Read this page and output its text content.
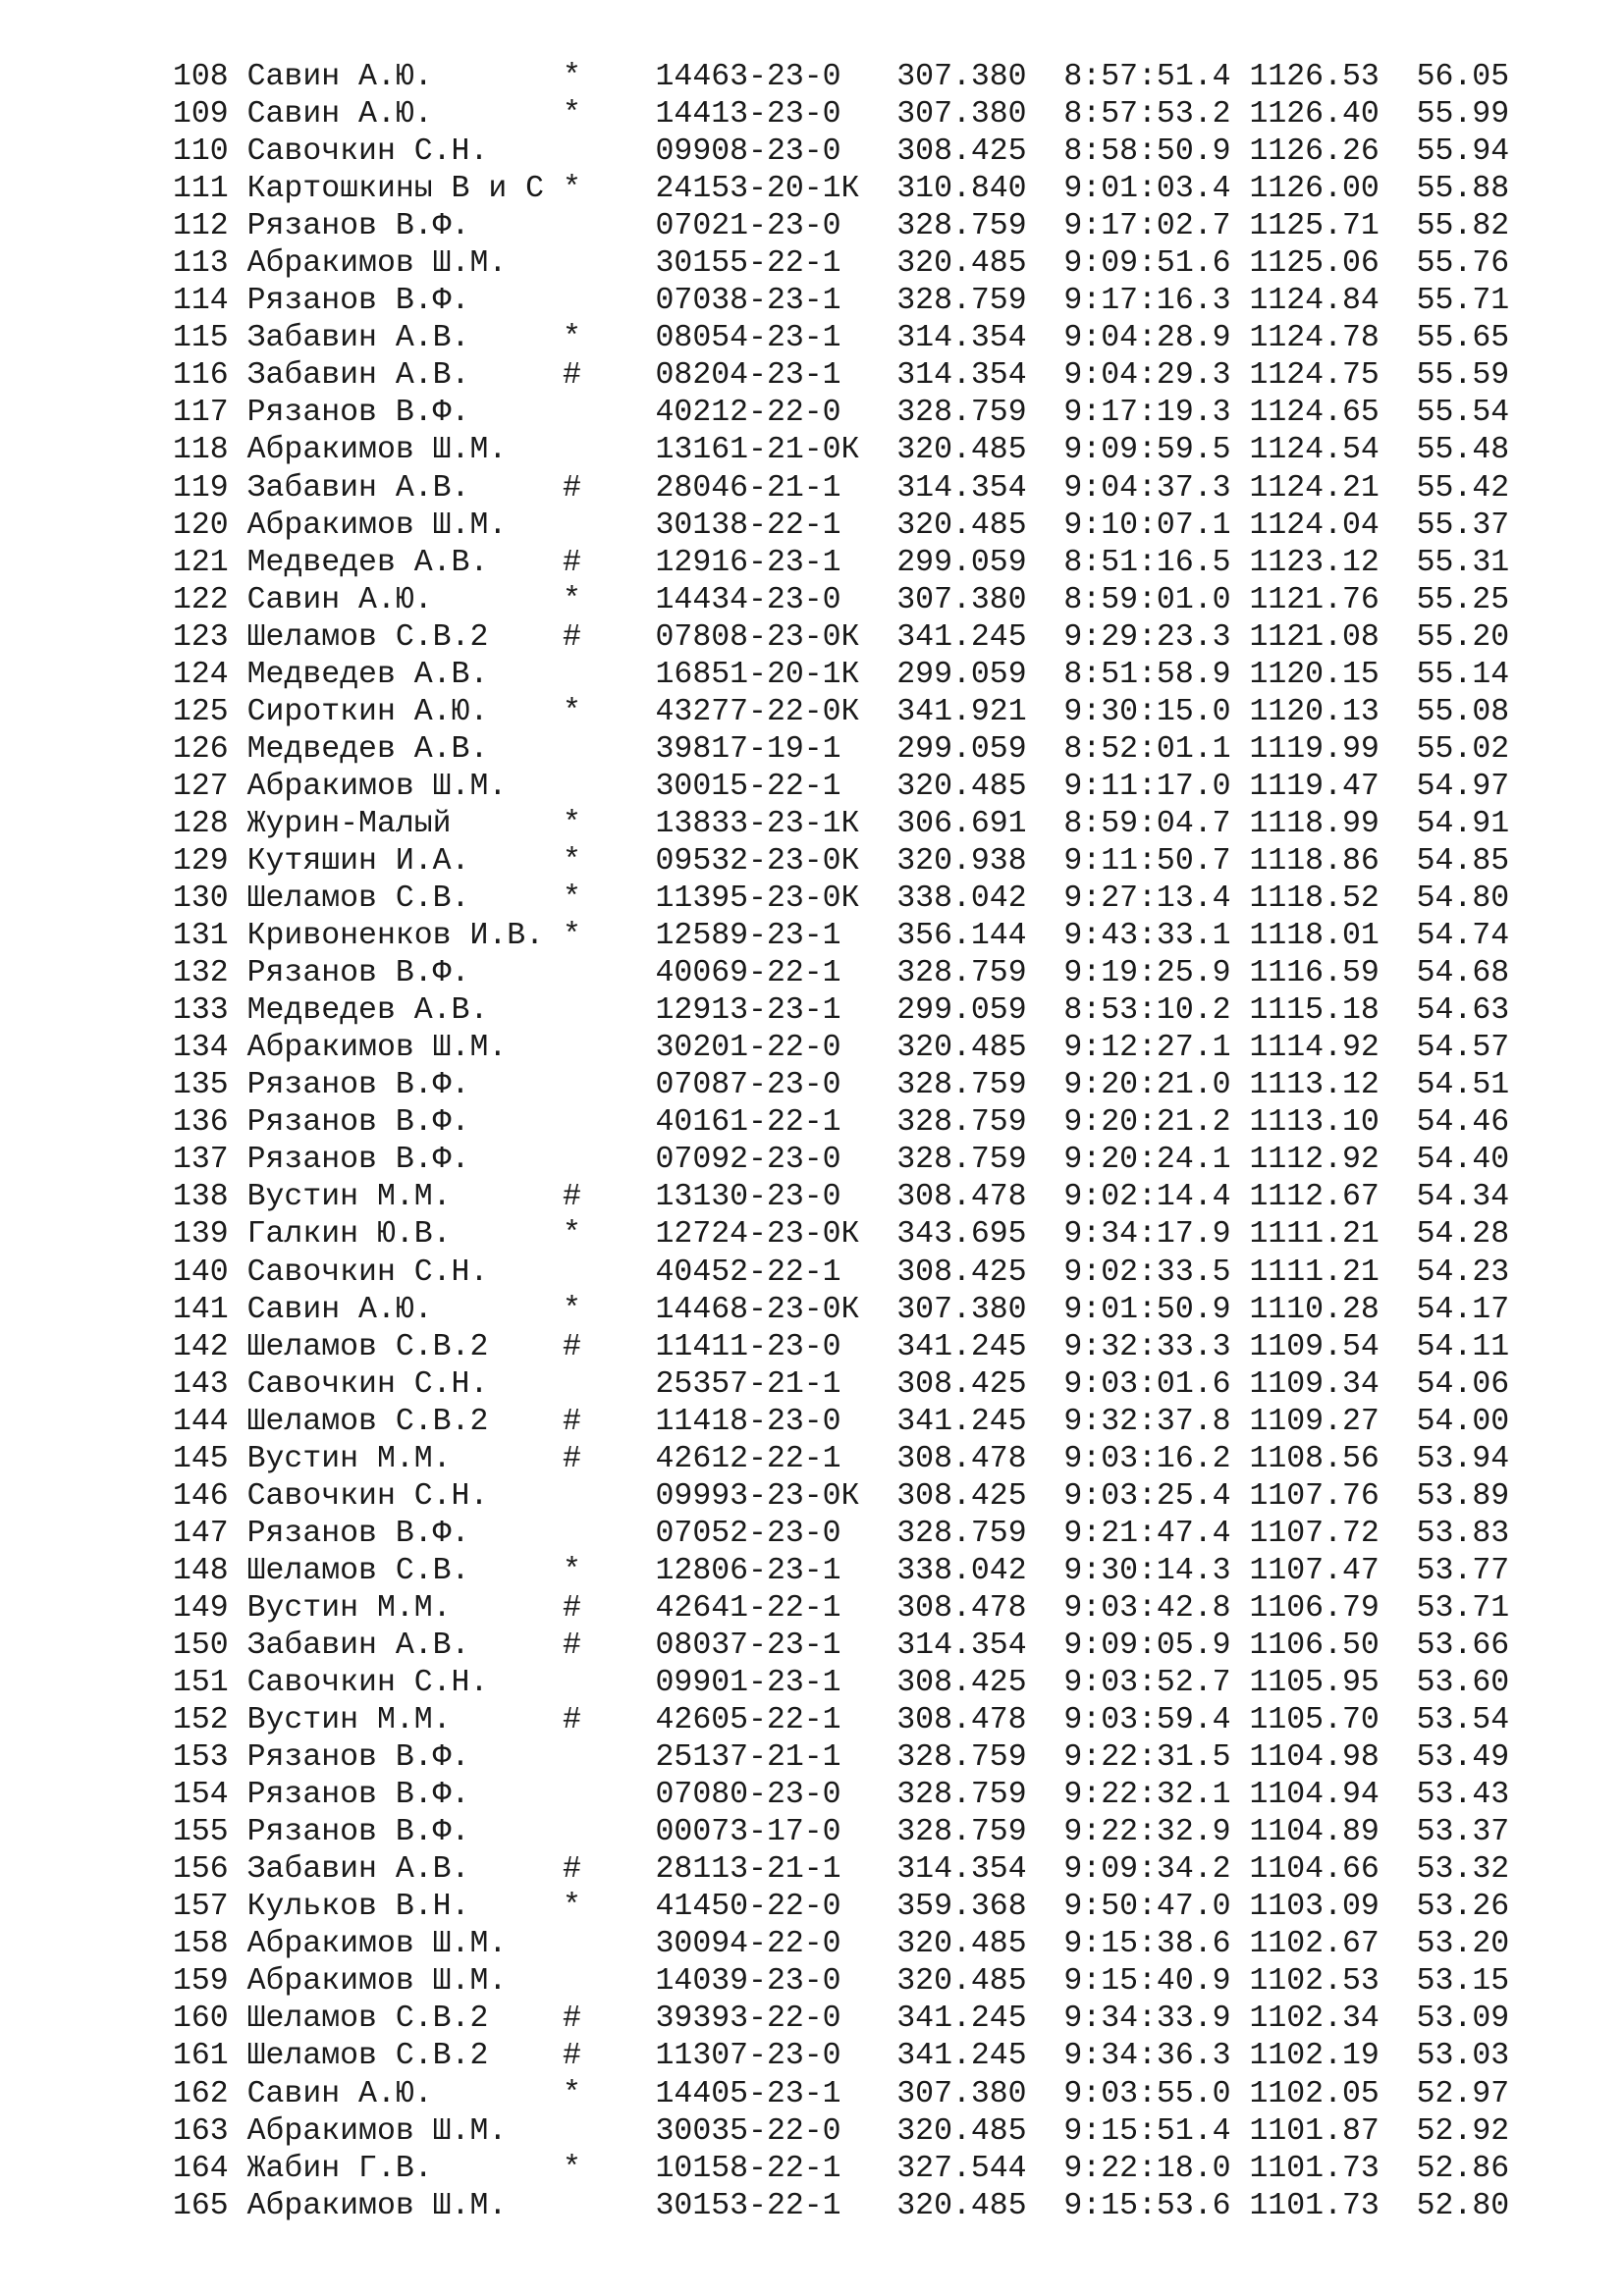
108 Савин А.Ю.	* 14463-23-0 307.380 8:57:51.4 1126.53 56.05
109 Савин А.Ю.	* 14413-23-0 307.380 8:57:53.2 1126.40 55.99
110 Савочкин С.Н.	09908-23-0 308.425 8:58:50.9 1126.26 55.94
111 Картошкины В и С * 24153-20-1К 310.840 9:01:03.4 1126.00 55.88
112 Рязанов В.Ф.	07021-23-0 328.759 9:17:02.7 1125.71 55.82
113 Абракимов Ш.М.	30155-22-1 320.485 9:09:51.6 1125.06 55.76
114 Рязанов В.Ф.	07038-23-1 328.759 9:17:16.3 1124.84 55.71
115 Забавин А.В.	* 08054-23-1 314.354 9:04:28.9 1124.78 55.65
116 Забавин А.В.	# 08204-23-1 314.354 9:04:29.3 1124.75 55.59
117 Рязанов В.Ф.	40212-22-0 328.759 9:17:19.3 1124.65 55.54
118 Абракимов Ш.М.	13161-21-0К 320.485 9:09:59.5 1124.54 55.48
119 Забавин А.В.	# 28046-21-1 314.354 9:04:37.3 1124.21 55.42
120 Абракимов Ш.М.	30138-22-1 320.485 9:10:07.1 1124.04 55.37
121 Медведев А.В. # 12916-23-1 299.059 8:51:16.5 1123.12 55.31
122 Савин А.Ю.	* 14434-23-0 307.380 8:59:01.0 1121.76 55.25
123 Шеламов С.В.2 # 07808-23-0К 341.245 9:29:23.3 1121.08 55.20
124 Медведев А.В.	16851-20-1К 299.059 8:51:58.9 1120.15 55.14
125 Сироткин А.Ю. * 43277-22-0К 341.921 9:30:15.0 1120.13 55.08
126 Медведев А.В.	39817-19-1 299.059 8:52:01.1 1119.99 55.02
127 Абракимов Ш.М.	30015-22-1 320.485 9:11:17.0 1119.47 54.97
128 Журин-Малый	* 13833-23-1К 306.691 8:59:04.7 1118.99 54.91
129 Кутяшин И.А.	* 09532-23-0К 320.938 9:11:50.7 1118.86 54.85
130 Шеламов С.В.	* 11395-23-0К 338.042 9:27:13.4 1118.52 54.80
131 Кривоненков И.В. * 12589-23-1 356.144 9:43:33.1 1118.01 54.74
132 Рязанов В.Ф.	40069-22-1 328.759 9:19:25.9 1116.59 54.68
133 Медведев А.В.	12913-23-1 299.059 8:53:10.2 1115.18 54.63
134 Абракимов Ш.М.	30201-22-0 320.485 9:12:27.1 1114.92 54.57
135 Рязанов В.Ф.	07087-23-0 328.759 9:20:21.0 1113.12 54.51
136 Рязанов В.Ф.	40161-22-1 328.759 9:20:21.2 1113.10 54.46
137 Рязанов В.Ф.	07092-23-0 328.759 9:20:24.1 1112.92 54.40
138 Вустин М.М.	# 13130-23-0 308.478 9:02:14.4 1112.67 54.34
139 Галкин Ю.В.	* 12724-23-0К 343.695 9:34:17.9 1111.21 54.28
140 Савочкин С.Н.	40452-22-1 308.425 9:02:33.5 1111.21 54.23
141 Савин А.Ю.	* 14468-23-0К 307.380 9:01:50.9 1110.28 54.17
142 Шеламов С.В.2 # 11411-23-0 341.245 9:32:33.3 1109.54 54.11
143 Савочкин С.Н.	25357-21-1 308.425 9:03:01.6 1109.34 54.06
144 Шеламов С.В.2 # 11418-23-0 341.245 9:32:37.8 1109.27 54.00
145 Вустин М.М.	# 42612-22-1 308.478 9:03:16.2 1108.56 53.94
146 Савочкин С.Н.	09993-23-0К 308.425 9:03:25.4 1107.76 53.89
147 Рязанов В.Ф.	07052-23-0 328.759 9:21:47.4 1107.72 53.83
148 Шеламов С.В.	* 12806-23-1 338.042 9:30:14.3 1107.47 53.77
149 Вустин М.М.	# 42641-22-1 308.478 9:03:42.8 1106.79 53.71
150 Забавин А.В.	# 08037-23-1 314.354 9:09:05.9 1106.50 53.66
151 Савочкин С.Н.	09901-23-1 308.425 9:03:52.7 1105.95 53.60
152 Вустин М.М.	# 42605-22-1 308.478 9:03:59.4 1105.70 53.54
153 Рязанов В.Ф.	25137-21-1 328.759 9:22:31.5 1104.98 53.49
154 Рязанов В.Ф.	07080-23-0 328.759 9:22:32.1 1104.94 53.43
155 Рязанов В.Ф.	00073-17-0 328.759 9:22:32.9 1104.89 53.37
156 Забавин А.В.	# 28113-21-1 314.354 9:09:34.2 1104.66 53.32
157 Кульков В.Н.	* 41450-22-0 359.368 9:50:47.0 1103.09 53.26
158 Абракимов Ш.М.	30094-22-0 320.485 9:15:38.6 1102.67 53.20
159 Абракимов Ш.М.	14039-23-0 320.485 9:15:40.9 1102.53 53.15
160 Шеламов С.В.2 # 39393-22-0 341.245 9:34:33.9 1102.34 53.09
161 Шеламов С.В.2 # 11307-23-0 341.245 9:34:36.3 1102.19 53.03
162 Савин А.Ю.	* 14405-23-1 307.380 9:03:55.0 1102.05 52.97
163 Абракимов Ш.М.	30035-22-0 320.485 9:15:51.4 1101.87 52.92
164 Жабин Г.В.	* 10158-22-1 327.544 9:22:18.0 1101.73 52.86
165 Абракимов Ш.М.	30153-22-1 320.485 9:15:53.6 1101.73 52.80
